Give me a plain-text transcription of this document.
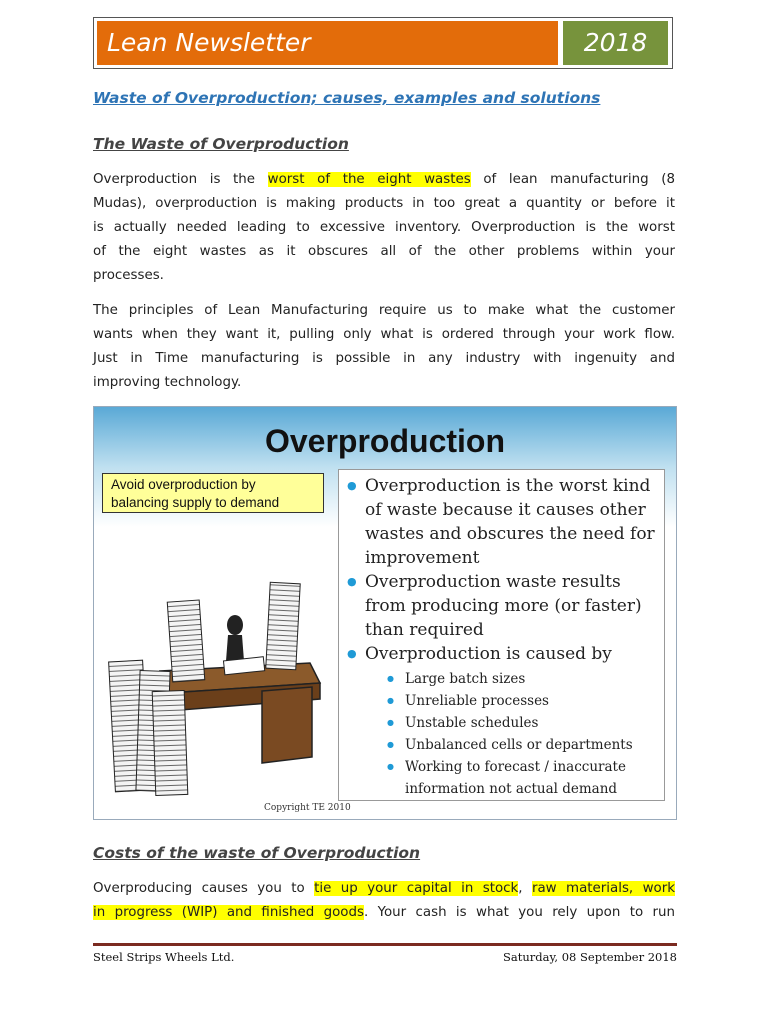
Lean Newsletter	2018
Waste of Overproduction; causes, examples and solutions
The Waste of Overproduction
Overproduction is the worst of the eight wastes of lean manufacturing (8
Mudas), overproduction is making products in too great a quantity or before it
is actually needed leading to excessive inventory. Overproduction is the worst
of the eight wastes as it obscures all of the other problems within your
processes.
The principles of Lean Manufacturing require us to make what the customer
wants when they want it, pulling only what is ordered through your work flow.
Just in Time manufacturing is possible in any industry with ingenuity and
improving technology.
Overproduction
Avoid overproduction by
balancing supply to demand
● Overproduction is the worst kind of waste because it causes other wastes and obscures the need for improvement
● Overproduction waste results from producing more (or faster) than required
● Overproduction is caused by
● Large batch sizes
● Unreliable processes
● Unstable schedules
● Unbalanced cells or departments
● Working to forecast / inaccurate information not actual demand
Copyright TE 2010
Costs of the waste of Overproduction
Overproducing causes you to tie up your capital in stock, raw materials, work
in progress (WIP) and finished goods. Your cash is what you rely upon to run
Steel Strips Wheels Ltd.	Saturday, 08 September 2018
